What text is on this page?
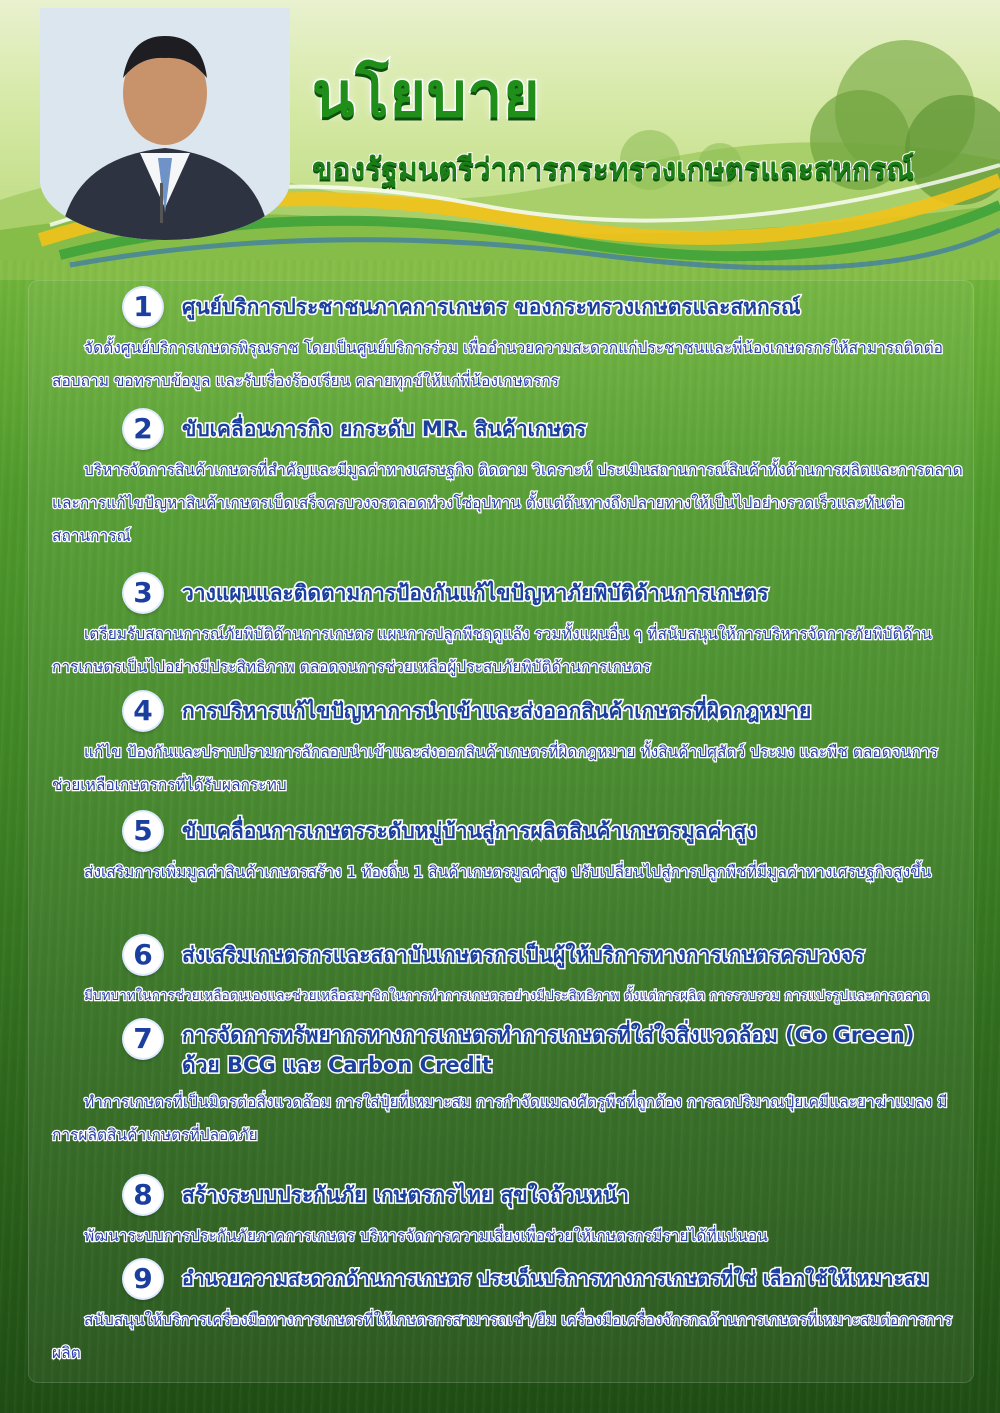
นโยบาย
ของรัฐมนตรีว่าการกระทรวงเกษตรและสหกรณ์
1	ศูนย์บริการประชาชนภาคการเกษตร ของกระทรวงเกษตรและสหกรณ์

จัดตั้งศูนย์บริการเกษตรพิรุณราช โดยเป็นศูนย์บริการร่วม เพื่ออำนวยความสะดวกแก่ประชาชนและพี่น้องเกษตรกรให้สามารถติดต่อสอบถาม ขอทราบข้อมูล และรับเรื่องร้องเรียน คลายทุกข์ให้แก่พี่น้องเกษตรกร

2	ขับเคลื่อนภารกิจ ยกระดับ MR. สินค้าเกษตร

บริหารจัดการสินค้าเกษตรที่สำคัญและมีมูลค่าทางเศรษฐกิจ ติดตาม วิเคราะห์ ประเมินสถานการณ์สินค้าทั้งด้านการผลิตและการตลาด และการแก้ไขปัญหาสินค้าเกษตรเบ็ดเสร็จครบวงจรตลอดห่วงโซ่อุปทาน ตั้งแต่ต้นทางถึงปลายทางให้เป็นไปอย่างรวดเร็วและทันต่อสถานการณ์

3	วางแผนและติดตามการป้องกันแก้ไขปัญหาภัยพิบัติด้านการเกษตร

เตรียมรับสถานการณ์ภัยพิบัติด้านการเกษตร แผนการปลูกพืชฤดูแล้ง รวมทั้งแผนอื่น ๆ ที่สนับสนุนให้การบริหารจัดการภัยพิบัติด้านการเกษตรเป็นไปอย่างมีประสิทธิภาพ ตลอดจนการช่วยเหลือผู้ประสบภัยพิบัติด้านการเกษตร

4	การบริหารแก้ไขปัญหาการนำเข้าและส่งออกสินค้าเกษตรที่ผิดกฎหมาย

แก้ไข ป้องกันและปราบปรามการลักลอบนำเข้าและส่งออกสินค้าเกษตรที่ผิดกฎหมาย ทั้งสินค้าปศุสัตว์ ประมง และพืช ตลอดจนการช่วยเหลือเกษตรกรที่ได้รับผลกระทบ

5	ขับเคลื่อนการเกษตรระดับหมู่บ้านสู่การผลิตสินค้าเกษตรมูลค่าสูง

ส่งเสริมการเพิ่มมูลค่าสินค้าเกษตรสร้าง 1 ท้องถิ่น 1 สินค้าเกษตรมูลค่าสูง ปรับเปลี่ยนไปสู่การปลูกพืชที่มีมูลค่าทางเศรษฐกิจสูงขึ้น

6	ส่งเสริมเกษตรกรและสถาบันเกษตรกรเป็นผู้ให้บริการทางการเกษตรครบวงจร

มีบทบาทในการช่วยเหลือตนเองและช่วยเหลือสมาชิกในการทำการเกษตรอย่างมีประสิทธิภาพ ตั้งแต่การผลิต การรวบรวม การแปรรูปและการตลาด

7	การจัดการทรัพยากรทางการเกษตรทำการเกษตรที่ใส่ใจสิ่งแวดล้อม (Go Green) ด้วย BCG และ Carbon Credit

ทำการเกษตรที่เป็นมิตรต่อสิ่งแวดล้อม การใส่ปุ๋ยที่เหมาะสม การกำจัดแมลงศัตรูพืชที่ถูกต้อง การลดปริมาณปุ๋ยเคมีและยาฆ่าแมลง มีการผลิตสินค้าเกษตรที่ปลอดภัย

8	สร้างระบบประกันภัย เกษตรกรไทย สุขใจถ้วนหน้า

พัฒนาระบบการประกันภัยภาคการเกษตร บริหารจัดการความเสี่ยงเพื่อช่วยให้เกษตรกรมีรายได้ที่แน่นอน

9	อำนวยความสะดวกด้านการเกษตร ประเด็นบริการทางการเกษตรที่ใช่ เลือกใช้ให้เหมาะสม

สนับสนุนให้บริการเครื่องมือทางการเกษตรที่ให้เกษตรกรสามารถเช่า/ยืม เครื่องมือเครื่องจักรกลด้านการเกษตรที่เหมาะสมต่อการการผลิต
